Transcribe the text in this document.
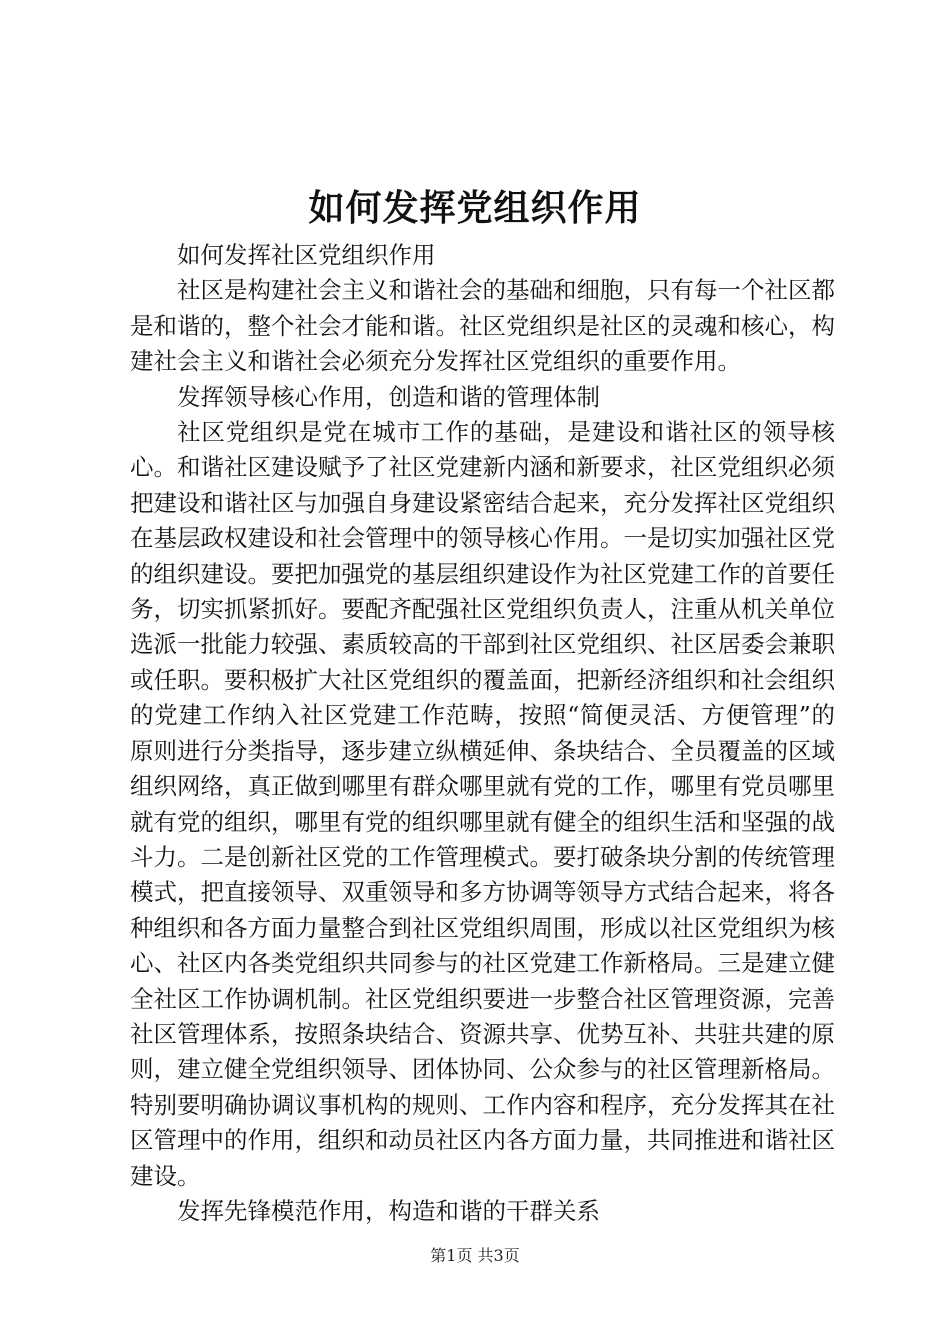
如何发挥党组织作用

如何发挥社区党组织作用

社区是构建社会主义和谐社会的基础和细胞，只有每一个社区都是和谐的，整个社会才能和谐。社区党组织是社区的灵魂和核心，构建社会主义和谐社会必须充分发挥社区党组织的重要作用。

发挥领导核心作用，创造和谐的管理体制

社区党组织是党在城市工作的基础，是建设和谐社区的领导核心。和谐社区建设赋予了社区党建新内涵和新要求，社区党组织必须把建设和谐社区与加强自身建设紧密结合起来，充分发挥社区党组织在基层政权建设和社会管理中的领导核心作用。一是切实加强社区党的组织建设。要把加强党的基层组织建设作为社区党建工作的首要任务，切实抓紧抓好。要配齐配强社区党组织负责人，注重从机关单位选派一批能力较强、素质较高的干部到社区党组织、社区居委会兼职或任职。要积极扩大社区党组织的覆盖面，把新经济组织和社会组织的党建工作纳入社区党建工作范畴，按照“简便灵活、方便管理”的原则进行分类指导，逐步建立纵横延伸、条块结合、全员覆盖的区域组织网络，真正做到哪里有群众哪里就有党的工作，哪里有党员哪里就有党的组织，哪里有党的组织哪里就有健全的组织生活和坚强的战斗力。二是创新社区党的工作管理模式。要打破条块分割的传统管理模式，把直接领导、双重领导和多方协调等领导方式结合起来，将各种组织和各方面力量整合到社区党组织周围，形成以社区党组织为核心、社区内各类党组织共同参与的社区党建工作新格局。三是建立健全社区工作协调机制。社区党组织要进一步整合社区管理资源，完善社区管理体系，按照条块结合、资源共享、优势互补、共驻共建的原则，建立健全党组织领导、团体协同、公众参与的社区管理新格局。特别要明确协调议事机构的规则、工作内容和程序，充分发挥其在社区管理中的作用，组织和动员社区内各方面力量，共同推进和谐社区建设。

发挥先锋模范作用，构造和谐的干群关系

第1页 共3页
